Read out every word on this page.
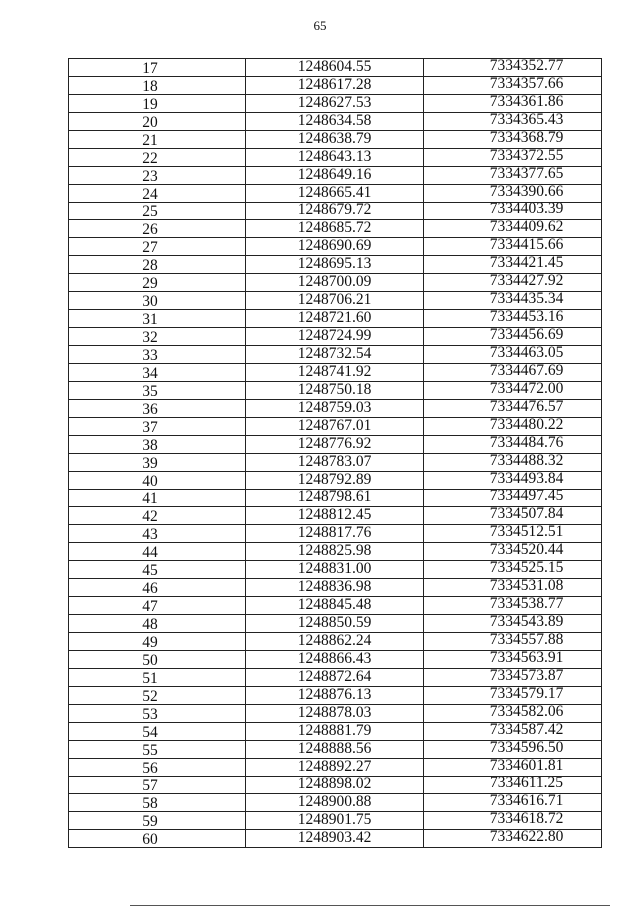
65
17	1248604.55	7334352.77
18	1248617.28	7334357.66
19	1248627.53	7334361.86
20	1248634.58	7334365.43
21	1248638.79	7334368.79
22	1248643.13	7334372.55
23	1248649.16	7334377.65
24	1248665.41	7334390.66
25	1248679.72	7334403.39
26	1248685.72	7334409.62
27	1248690.69	7334415.66
28	1248695.13	7334421.45
29	1248700.09	7334427.92
30	1248706.21	7334435.34
31	1248721.60	7334453.16
32	1248724.99	7334456.69
33	1248732.54	7334463.05
34	1248741.92	7334467.69
35	1248750.18	7334472.00
36	1248759.03	7334476.57
37	1248767.01	7334480.22
38	1248776.92	7334484.76
39	1248783.07	7334488.32
40	1248792.89	7334493.84
41	1248798.61	7334497.45
42	1248812.45	7334507.84
43	1248817.76	7334512.51
44	1248825.98	7334520.44
45	1248831.00	7334525.15
46	1248836.98	7334531.08
47	1248845.48	7334538.77
48	1248850.59	7334543.89
49	1248862.24	7334557.88
50	1248866.43	7334563.91
51	1248872.64	7334573.87
52	1248876.13	7334579.17
53	1248878.03	7334582.06
54	1248881.79	7334587.42
55	1248888.56	7334596.50
56	1248892.27	7334601.81
57	1248898.02	7334611.25
58	1248900.88	7334616.71
59	1248901.75	7334618.72
60	1248903.42	7334622.80
